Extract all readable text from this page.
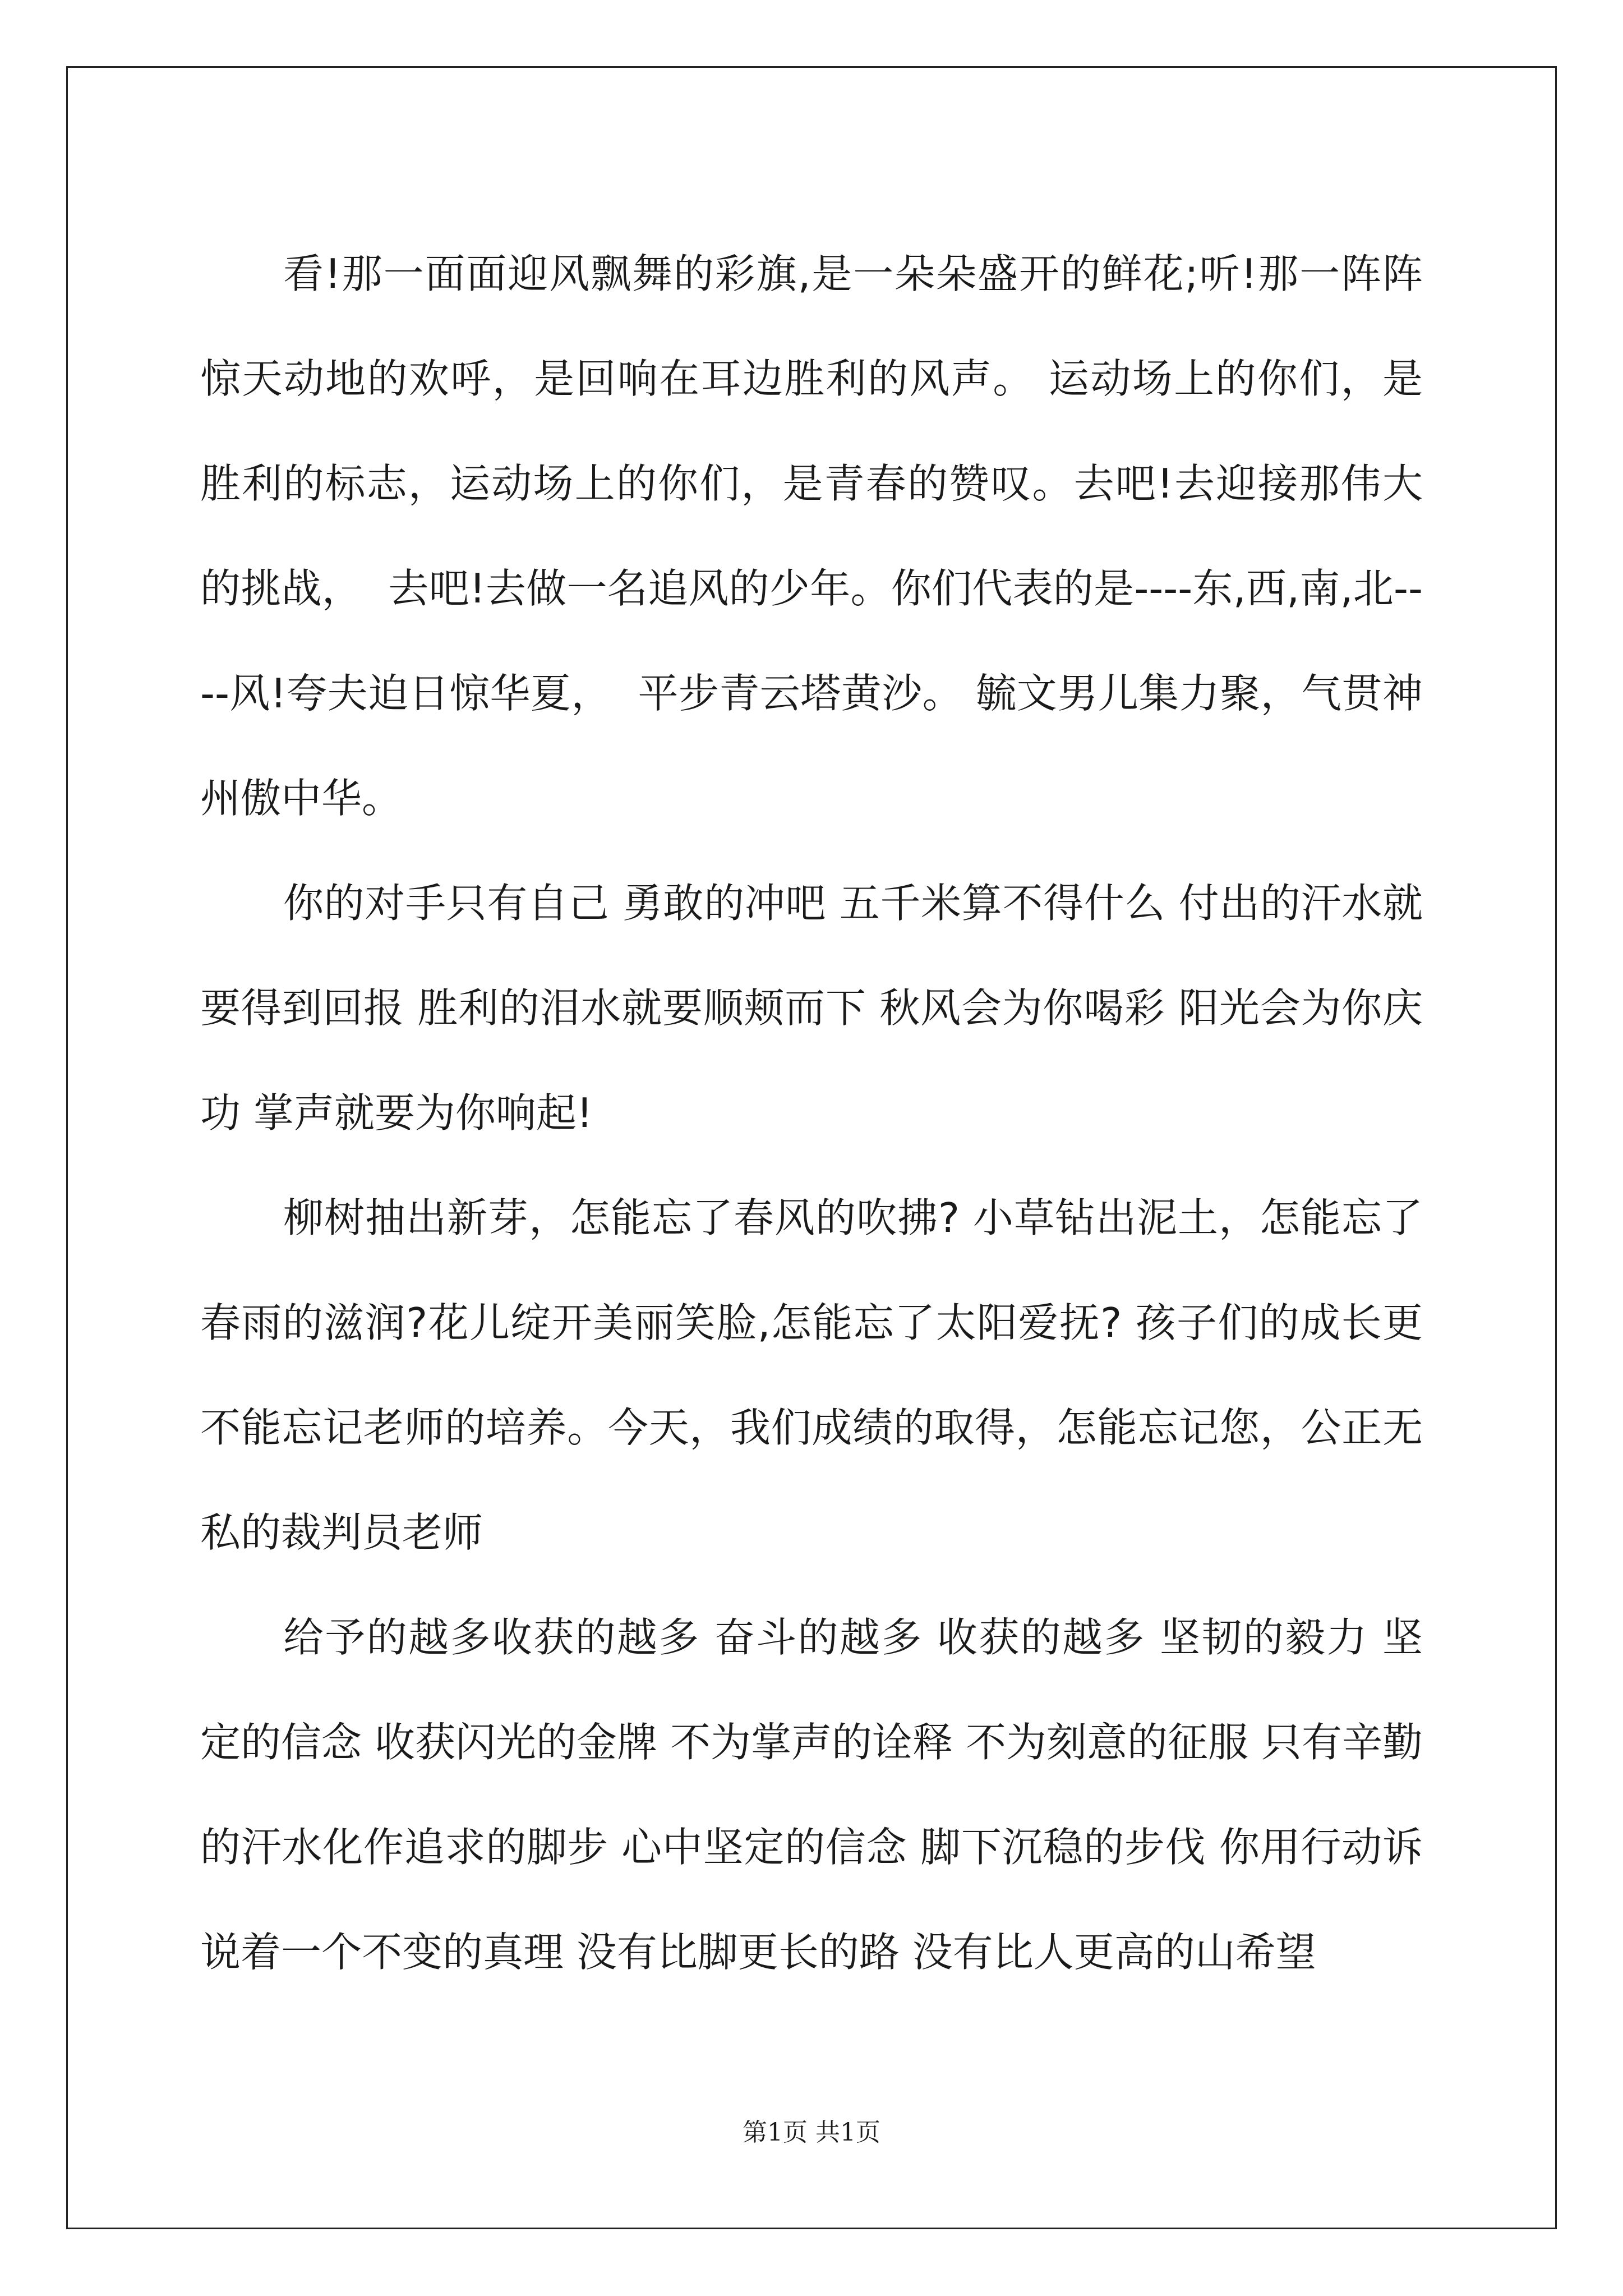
看!那一面面迎风飘舞的彩旗,是一朵朵盛开的鲜花;听!那一阵阵惊天动地的欢呼，是回响在耳边胜利的风声。 运动场上的你们，是胜利的标志，运动场上的你们，是青春的赞叹。去吧!去迎接那伟大的挑战，  去吧!去做一名追风的少年。你们代表的是----东,西,南,北----风!夸夫迫日惊华夏，  平步青云塔黄沙。 毓文男儿集力聚，气贯神州傲中华。

你的对手只有自己 勇敢的冲吧 五千米算不得什么 付出的汗水就要得到回报 胜利的泪水就要顺颊而下 秋风会为你喝彩 阳光会为你庆功 掌声就要为你响起!

柳树抽出新芽，怎能忘了春风的吹拂? 小草钻出泥土，怎能忘了春雨的滋润?花儿绽开美丽笑脸,怎能忘了太阳爱抚? 孩子们的成长更不能忘记老师的培养。今天，我们成绩的取得，怎能忘记您，公正无私的裁判员老师

给予的越多收获的越多 奋斗的越多 收获的越多 坚韧的毅力 坚定的信念 收获闪光的金牌 不为掌声的诠释 不为刻意的征服 只有辛勤的汗水化作追求的脚步 心中坚定的信念 脚下沉稳的步伐 你用行动诉说着一个不变的真理 没有比脚更长的路 没有比人更高的山希望

第1页 共1页
